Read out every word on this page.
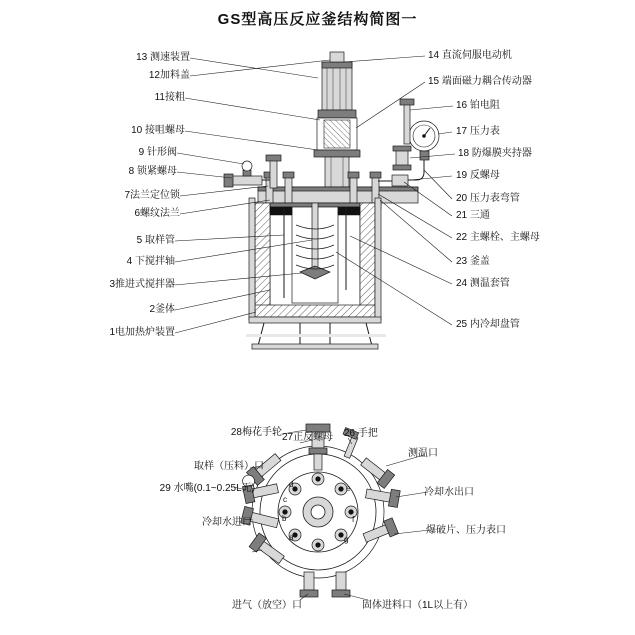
GS型高压反应釜结构简图一
d
c
b
a
e
f
g
13 测速装置
12加料盖
11接粗
10 接咀螺母
9 针形阀
8 锁紧螺母
7法兰定位锁
6螺纹法兰
5 取样管
4 下搅拌轴
3推进式搅拌器
2釜体
1电加热炉装置
14 直流伺服电动机
15 端面磁力耦合传动器
16 铂电阻
17 压力表
18 防爆膜夹持器
19 反螺母
20 压力表弯管
21 三通
22 主螺栓、主螺母
23 釜盖
24 测温套管
25 内冷却盘管
28梅花手轮 27正反螺母 26 手把
测温口
取样（压料）口
29 水嘴(0.1~0.25L无)	冷却水出口
冷却水进口
爆破片、压力表口
进气（放空）口	固体进料口（1L以上有）
